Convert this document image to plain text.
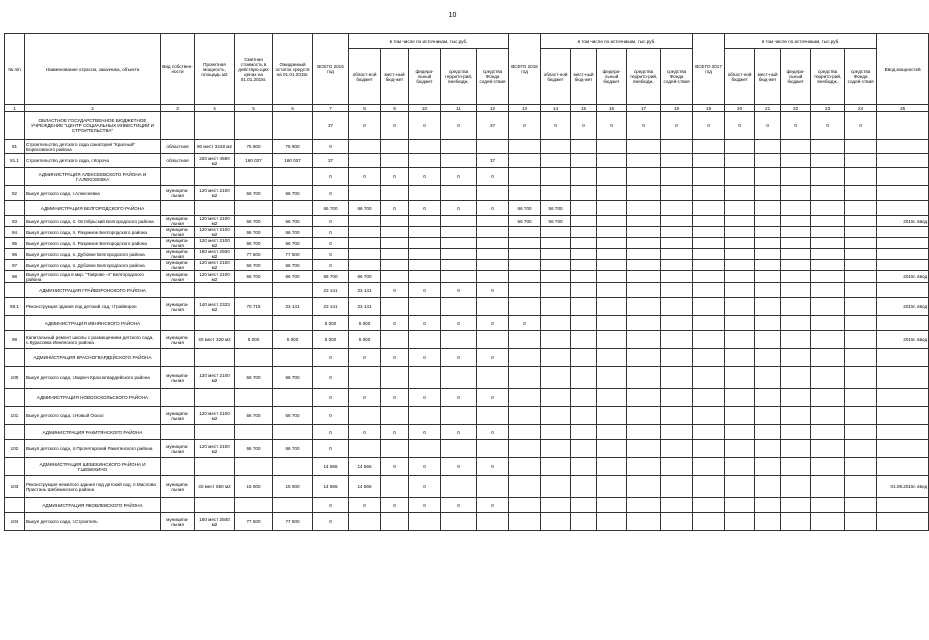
10
№ п/п	Наименование отрасли, заказчика, объекта	Вид собствен-ности	Проектная мощность, площадь м2	Сметная стоимость в действую-щих ценах на 01.01.2015г.	Ожидаемый остаток средств на 01.01.2015г.	ВСЕГО 2015 год	в том числе по источникам, тыс.руб.					ВСЕГО 2016 год	в том числе по источникам, тыс.руб.					ВСЕГО 2017 год	в том числе по источникам, тыс.руб.					Ввод мощностей
							област-ной бюджет	мест-ный бюд-жет	федера-льный бюджет	средства террито-рий, внебюдж.	средства Фонда содей-ствия		област-ной бюджет	мест-ный бюд-жет	федера-льный бюджет	средства террито-рий, внебюдж.	средства Фонда содей-ствия		област-ной бюджет	мест-ный бюд-жет	федера-льный бюджет	средства террито-рий, внебюдж.	средства Фонда содей-ствия	
1	2	3	4	5	6	7	8	9	10	11	12	13	14	15	16	17	18	19	20	21	22	23	24	25
	ОБЛАСТНОЕ ГОСУДАРСТВЕННОЕ БЮДЖЕТНОЕ УЧРЕЖДЕНИЕ "ЦЕНТР СОЦИАЛЬНЫХ ИНВЕСТИЦИЙ И СТРОИТЕЛЬСТВА"					37	0	0	0	0	37	0	0	0	0	0	0	0	0	0	0	0	0	
91	Строительство детского сада санатория "Красный" Борисовского района	областная	90 мест 3248 м2	75 600	75 600	0																		
91.1	Строительство детского сада, г.Короча	областная	220 мест 4590 м2	160 037	160 037	37					37													
	АДМИНИСТРАЦИЯ АЛЕКСЕЕВСКОГО РАЙОНА И Г.АЛЕКСЕЕВКА					0	0	0	0	0	0													
92	Выкуп детского сада, г.Алексеевка	муниципа-льная	120 мест 2100 м2	66 700	66 700	0																		
	АДМИНИСТРАЦИЯ БЕЛГОРОДСКОГО РАЙОНА					66 700	66 700	0	0	0	0	66 700	56 700											
93	Выкуп детского сада, п. Октябрьский Белгородского района	муниципа-льная	120 мест 2100 м2	66 700	66 700	0						56 700	56 700											2015г. ввод
94	Выкуп детского сада, п. Разумное Белгородского района	муниципа-льная	120 мест 2100 м2	66 700	66 700	0																		
95	Выкуп детского сада, п. Разумное Белгородского района	муниципа-льная	120 мест 2100 м2	66 700	66 700	0																		
96	Выкуп детского сада, п. Дубовое Белгородского района	муниципа-льная	160 мест 2500 м2	77 500	77 500	0																		
97	Выкуп детского сада, п. Дубовое Белгородского района	муниципа-льная	120 мест 2100 м2	66 700	66 700	0																		
98	Выкуп детского сада в мкр. "Таврово -4" Белгородского района	муниципа-льная	120 мест 2100 м2	66 700	66 700	66 700	66 700																	2015г. ввод
	АДМИНИСТРАЦИЯ ГРАЙВОРОНСКОГО РАЙОНА					23 141	23 141	0	0	0	0													
98.1	Реконструкция здания под детский сад, г.Грайворон	муниципа-льная	140 мест 2333 м2	70 716	23 141	23 141	23 141																	2015г. ввод
	АДМИНИСТРАЦИЯ ИВНЯНСКОГО РАЙОНА					5 000	5 000	0	0	0	0	0												
99	Капитальный ремонт школы с размещением детского сада, с.Курасовка Ивнянского района	муниципа-льная	40 мест 320 м2	5 000	5 000	5 000	5 000																	2015г. ввод
	АДМИНИСТРАЦИЯ КРАСНОГВАРДЕЙСКОГО РАЙОНА					0	0	0	0	0	0													
100	Выкуп детского сада, г.Бирюч Красногвардейского района	муниципа-льная	120 мест 2100 м2	66 700	66 700	0																		
	АДМИНИСТРАЦИЯ НОВООСКОЛЬСКОГО РАЙОНА					0	0	0	0	0	0													
101	Выкуп детского сада, г.Новый Оскол	муниципа-льная	120 мест 2100 м2	66 700	66 700	0																		
	АДМИНИСТРАЦИЯ РАКИТЯНСКОГО РАЙОНА					0	0	0	0	0	0													
102	Выкуп детского сада, п.Пролетарский Ракитянского района	муниципа-льная	120 мест 2100 м2	66 700	66 700	0																		
	АДМИНИСТРАЦИЯ ШЕБЕКИНСКОГО РАЙОНА И Г.ШЕБЕКИНО					14 566	14 566	0	0	0	0													
103	Реконструкция нежилого здания под детский сад, п.Маслова Пристань Шебекинского района	муниципа-льная	40 мест 650 м2	15 000	15 000	14 566	14 566		0															01.08.2015г. ввод
	АДМИНИСТРАЦИЯ ЯКОВЛЕВСКОГО РАЙОНА					0	0	0	0	0	0													
104	Выкуп детского сада, г.Строитель	муниципа-льная	160 мест 2500 м2	77 500	77 500	0																		
